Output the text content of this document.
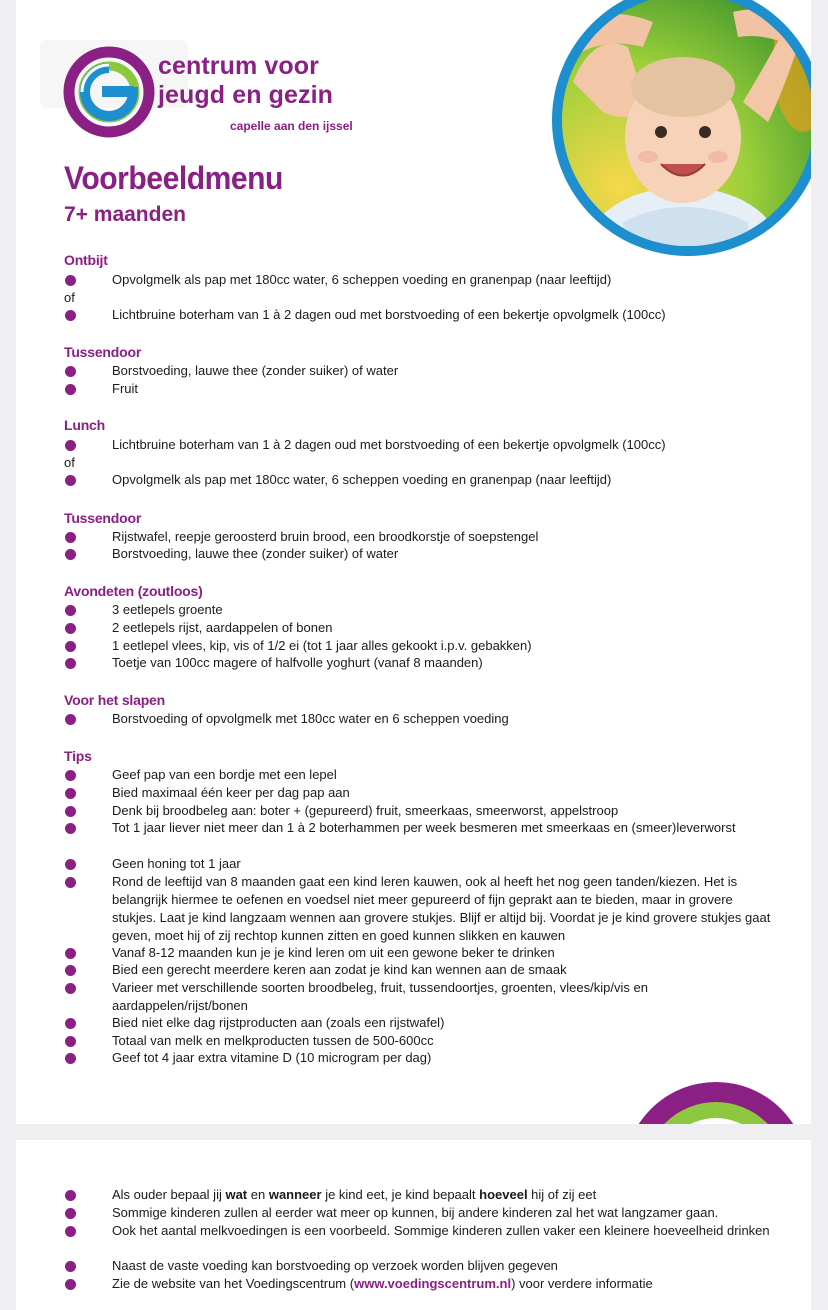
centrum voor
jeugd en gezin
capelle aan den ijssel
Voorbeeldmenu
7+ maanden
Ontbijt
Opvolgmelk als pap met 180cc water, 6 scheppen voeding en granenpap (naar leeftijd)
of
Lichtbruine boterham van 1 à 2 dagen oud met borstvoeding of een bekertje opvolgmelk (100cc)
Tussendoor
Borstvoeding, lauwe thee (zonder suiker) of water
Fruit
Lunch
Lichtbruine boterham van 1 à 2 dagen oud met borstvoeding of een bekertje opvolgmelk (100cc)
of
Opvolgmelk als pap met 180cc water, 6 scheppen voeding en granenpap (naar leeftijd)
Tussendoor
Rijstwafel, reepje geroosterd bruin brood, een broodkorstje of soepstengel
Borstvoeding, lauwe thee (zonder suiker) of water
Avondeten (zoutloos)
3 eetlepels groente
2 eetlepels rijst, aardappelen of bonen
1 eetlepel vlees, kip, vis of 1/2 ei (tot 1 jaar alles gekookt i.p.v. gebakken)
Toetje van 100cc magere of halfvolle yoghurt (vanaf 8 maanden)
Voor het slapen
Borstvoeding of opvolgmelk met 180cc water en 6 scheppen voeding
Tips
Geef pap van een bordje met een lepel
Bied maximaal één keer per dag pap aan
Denk bij broodbeleg aan: boter + (gepureerd) fruit, smeerkaas, smeerworst, appelstroop
Tot 1 jaar liever niet meer dan 1 à 2 boterhammen per week besmeren met smeerkaas en (smeer)leverworst
Geen honing tot 1 jaar
Rond de leeftijd van 8 maanden gaat een kind leren kauwen, ook al heeft het nog geen tanden/kiezen. Het is belangrijk hiermee te oefenen en voedsel niet meer gepureerd of fijn geprakt aan te bieden, maar in grovere stukjes. Laat je kind langzaam wennen aan grovere stukjes. Blijf er altijd bij. Voordat je je kind grovere stukjes gaat geven, moet hij of zij rechtop kunnen zitten en goed kunnen slikken en kauwen
Vanaf 8-12 maanden kun je je kind leren om uit een gewone beker te drinken
Bied een gerecht meerdere keren aan zodat je kind kan wennen aan de smaak
Varieer met verschillende soorten broodbeleg, fruit, tussendoortjes, groenten, vlees/kip/vis en aardappelen/rijst/bonen
Bied niet elke dag rijstproducten aan (zoals een rijstwafel)
Totaal van melk en melkproducten tussen de 500-600cc
Geef tot 4 jaar extra vitamine D (10 microgram per dag)
Als ouder bepaal jij wat en wanneer je kind eet, je kind bepaalt hoeveel hij of zij eet
Sommige kinderen zullen al eerder wat meer op kunnen, bij andere kinderen zal het wat langzamer gaan.
Ook het aantal melkvoedingen is een voorbeeld. Sommige kinderen zullen vaker een kleinere hoeveelheid drinken
Naast de vaste voeding kan borstvoeding op verzoek worden blijven gegeven
Zie de website van het Voedingscentrum (www.voedingscentrum.nl) voor verdere informatie
